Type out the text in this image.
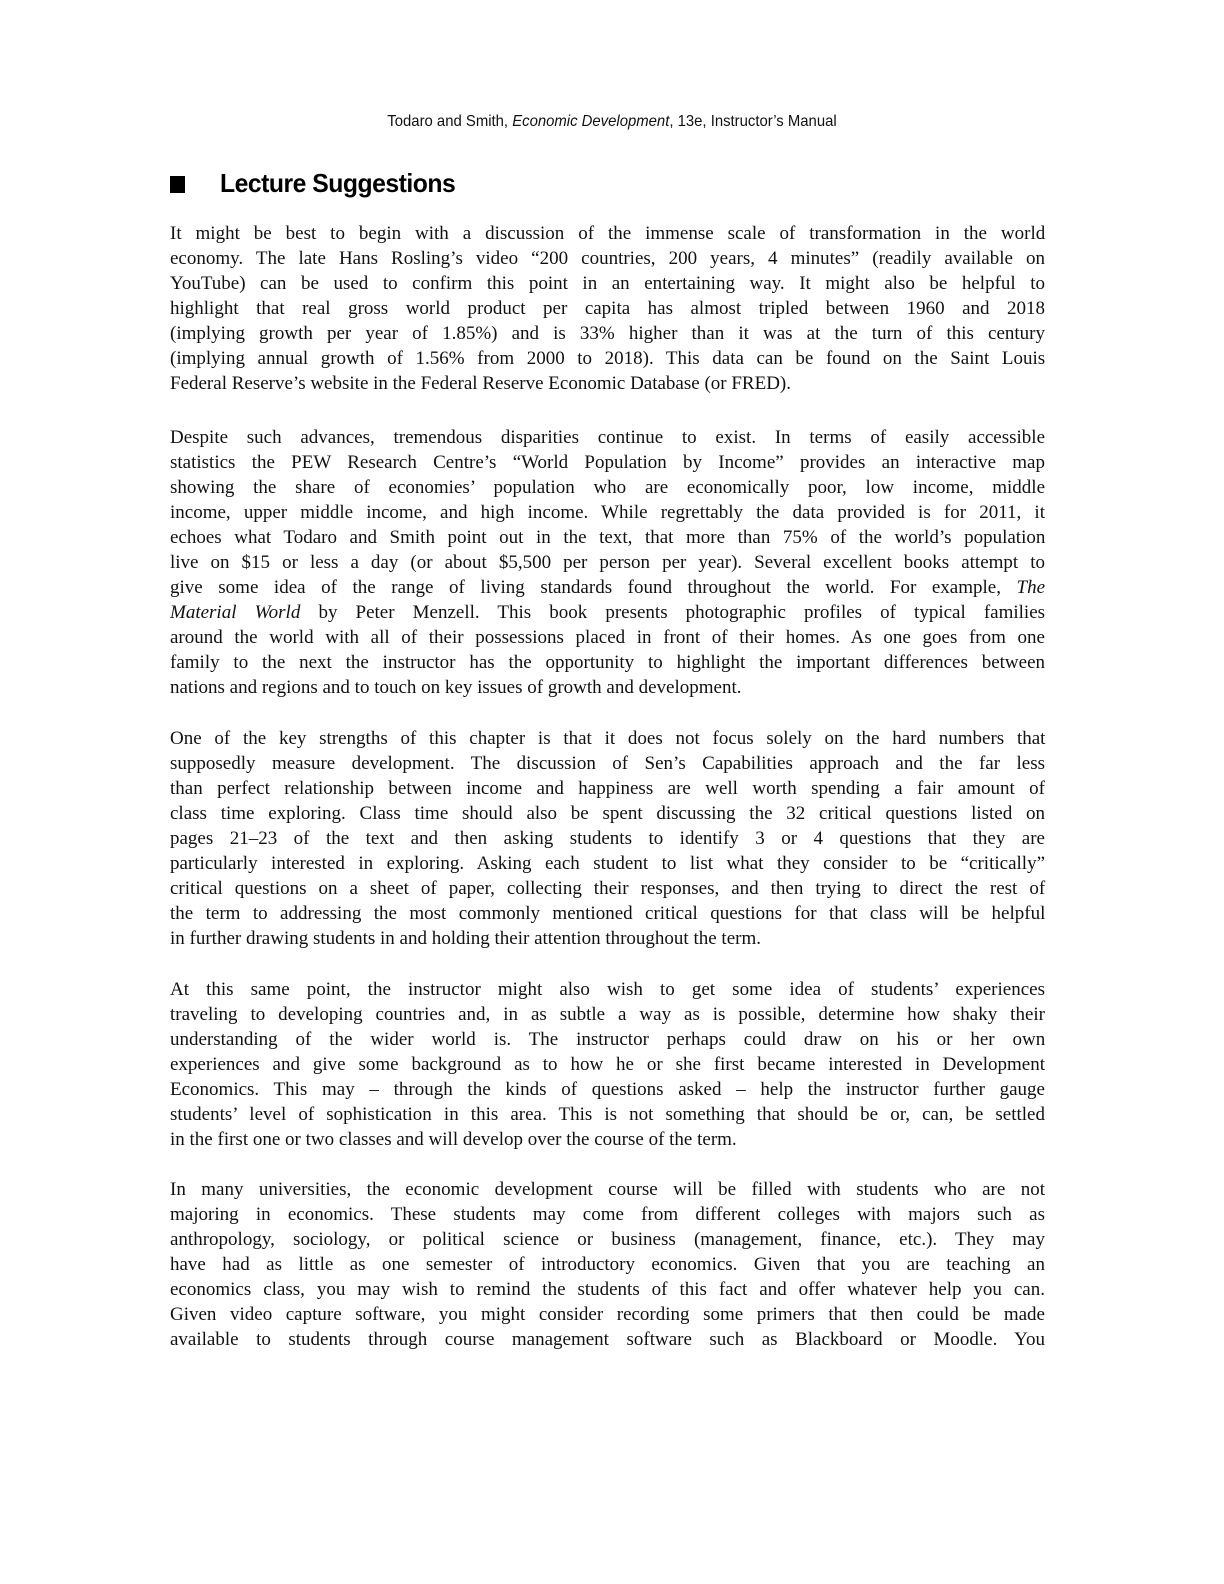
Todaro and Smith, Economic Development, 13e, Instructor’s Manual
Lecture Suggestions

It might be best to begin with a discussion of the immense scale of transformation in the world
economy. The late Hans Rosling’s video “200 countries, 200 years, 4 minutes” (readily available on
YouTube) can be used to confirm this point in an entertaining way. It might also be helpful to
highlight that real gross world product per capita has almost tripled between 1960 and 2018
(implying growth per year of 1.85%) and is 33% higher than it was at the turn of this century
(implying annual growth of 1.56% from 2000 to 2018). This data can be found on the Saint Louis
Federal Reserve’s website in the Federal Reserve Economic Database (or FRED).

Despite such advances, tremendous disparities continue to exist. In terms of easily accessible
statistics the PEW Research Centre’s “World Population by Income” provides an interactive map
showing the share of economies’ population who are economically poor, low income, middle
income, upper middle income, and high income. While regrettably the data provided is for 2011, it
echoes what Todaro and Smith point out in the text, that more than 75% of the world’s population
live on $15 or less a day (or about $5,500 per person per year). Several excellent books attempt to
give some idea of the range of living standards found throughout the world. For example, The
Material World by Peter Menzell. This book presents photographic profiles of typical families
around the world with all of their possessions placed in front of their homes. As one goes from one
family to the next the instructor has the opportunity to highlight the important differences between
nations and regions and to touch on key issues of growth and development.

One of the key strengths of this chapter is that it does not focus solely on the hard numbers that
supposedly measure development. The discussion of Sen’s Capabilities approach and the far less
than perfect relationship between income and happiness are well worth spending a fair amount of
class time exploring. Class time should also be spent discussing the 32 critical questions listed on
pages 21–23 of the text and then asking students to identify 3 or 4 questions that they are
particularly interested in exploring. Asking each student to list what they consider to be “critically”
critical questions on a sheet of paper, collecting their responses, and then trying to direct the rest of
the term to addressing the most commonly mentioned critical questions for that class will be helpful
in further drawing students in and holding their attention throughout the term.

At this same point, the instructor might also wish to get some idea of students’ experiences
traveling to developing countries and, in as subtle a way as is possible, determine how shaky their
understanding of the wider world is. The instructor perhaps could draw on his or her own
experiences and give some background as to how he or she first became interested in Development
Economics. This may – through the kinds of questions asked – help the instructor further gauge
students’ level of sophistication in this area. This is not something that should be or, can, be settled
in the first one or two classes and will develop over the course of the term.

In many universities, the economic development course will be filled with students who are not
majoring in economics. These students may come from different colleges with majors such as
anthropology, sociology, or political science or business (management, finance, etc.). They may
have had as little as one semester of introductory economics. Given that you are teaching an
economics class, you may wish to remind the students of this fact and offer whatever help you can.
Given video capture software, you might consider recording some primers that then could be made
available to students through course management software such as Blackboard or Moodle. You
